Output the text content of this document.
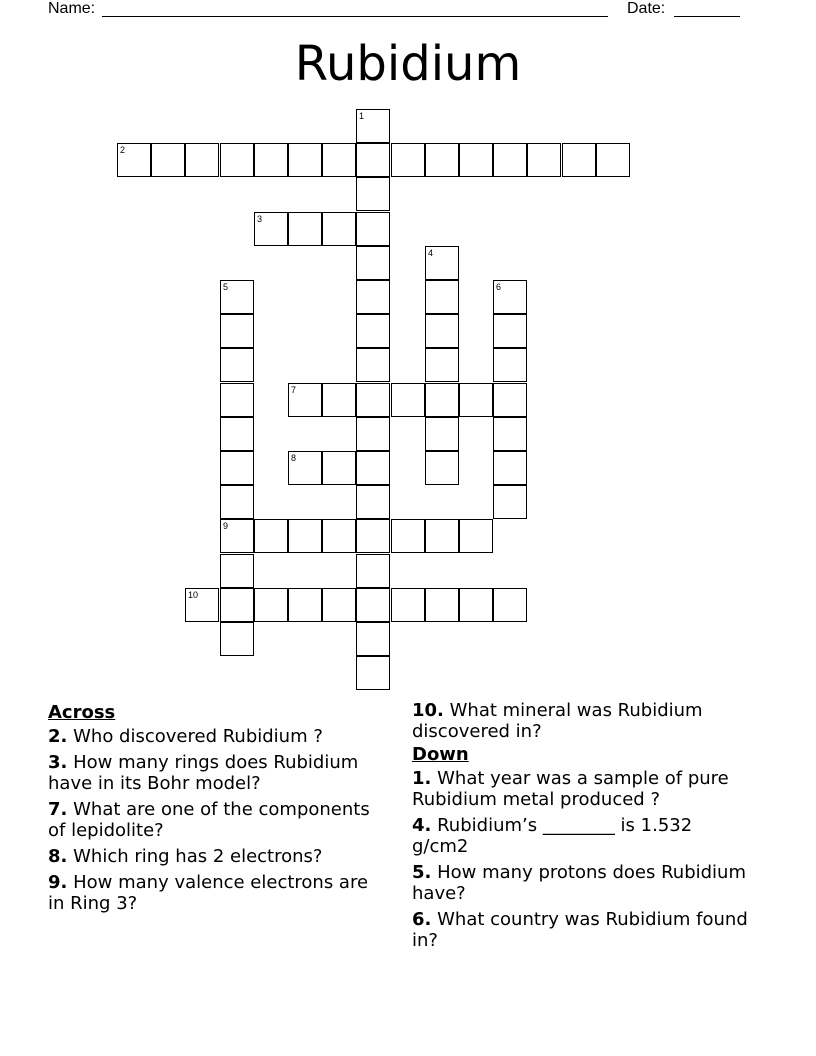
Name:	Date:
Rubidium
2
3
7
8
9
10
1
4
5	6
Across
2. Who discovered Rubidium ?
3. How many rings does Rubidium have in its Bohr model?
7. What are one of the components of lepidolite?
8. Which ring has 2 electrons?
9. How many valence electrons are in Ring 3?
10. What mineral was Rubidium discovered in?
Down
1. What year was a sample of pure Rubidium metal produced ?
4. Rubidium’s ________ is 1.532 g/cm2
5. How many protons does Rubidium have?
6. What country was Rubidium found in?
